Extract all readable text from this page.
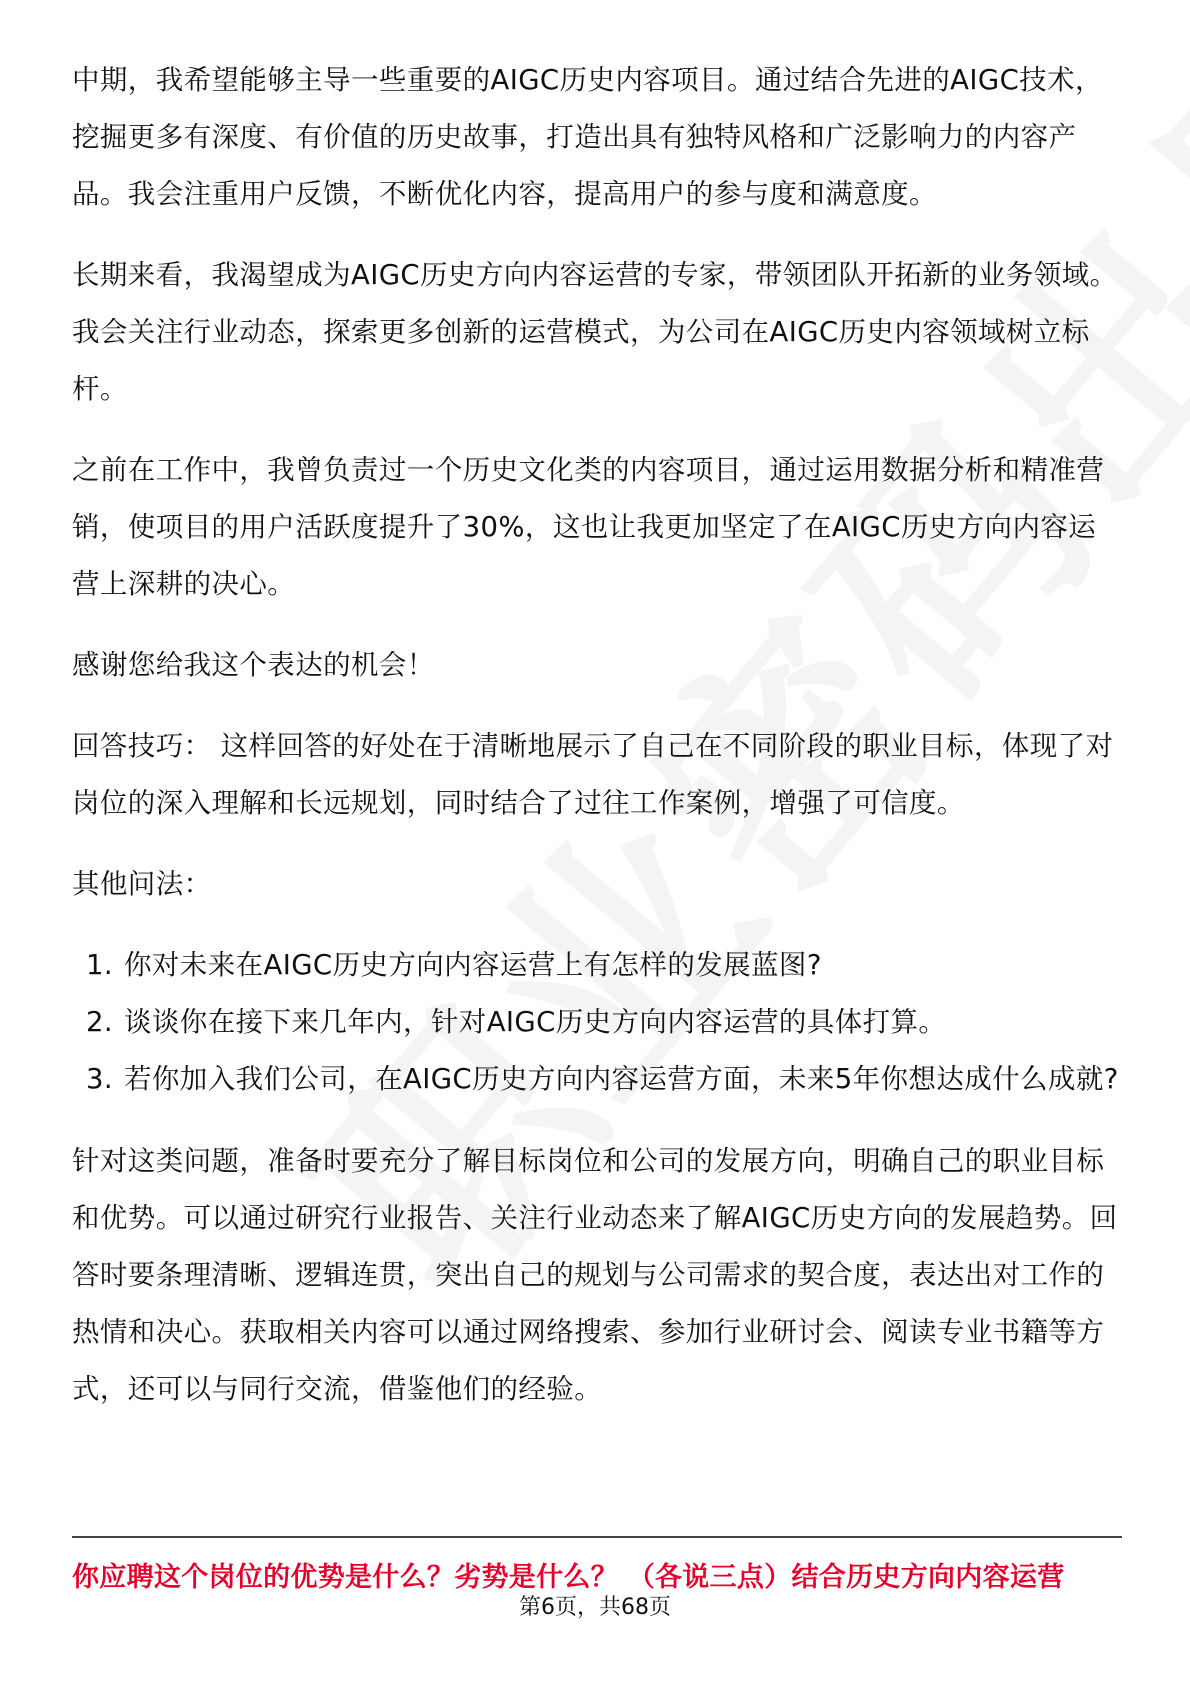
中期，我希望能够主导一些重要的AIGC历史内容项目。通过结合先进的AIGC技术，挖掘更多有深度、有价值的历史故事，打造出具有独特风格和广泛影响力的内容产品。我会注重用户反馈，不断优化内容，提高用户的参与度和满意度。

长期来看，我渴望成为AIGC历史方向内容运营的专家，带领团队开拓新的业务领域。我会关注行业动态，探索更多创新的运营模式，为公司在AIGC历史内容领域树立标杆。

之前在工作中，我曾负责过一个历史文化类的内容项目，通过运用数据分析和精准营销，使项目的用户活跃度提升了30%，这也让我更加坚定了在AIGC历史方向内容运营上深耕的决心。

感谢您给我这个表达的机会！

回答技巧： 这样回答的好处在于清晰地展示了自己在不同阶段的职业目标，体现了对岗位的深入理解和长远规划，同时结合了过往工作案例，增强了可信度。

其他问法：

1. 你对未来在AIGC历史方向内容运营上有怎样的发展蓝图?
2. 谈谈你在接下来几年内，针对AIGC历史方向内容运营的具体打算。
3. 若你加入我们公司，在AIGC历史方向内容运营方面，未来5年你想达成什么成就?

针对这类问题，准备时要充分了解目标岗位和公司的发展方向，明确自己的职业目标和优势。可以通过研究行业报告、关注行业动态来了解AIGC历史方向的发展趋势。回答时要条理清晰、逻辑连贯，突出自己的规划与公司需求的契合度，表达出对工作的热情和决心。获取相关内容可以通过网络搜索、参加行业研讨会、阅读专业书籍等方式，还可以与同行交流，借鉴他们的经验。

你应聘这个岗位的优势是什么？劣势是什么？ （各说三点）结合历史方向内容运营
第6页，共68页
